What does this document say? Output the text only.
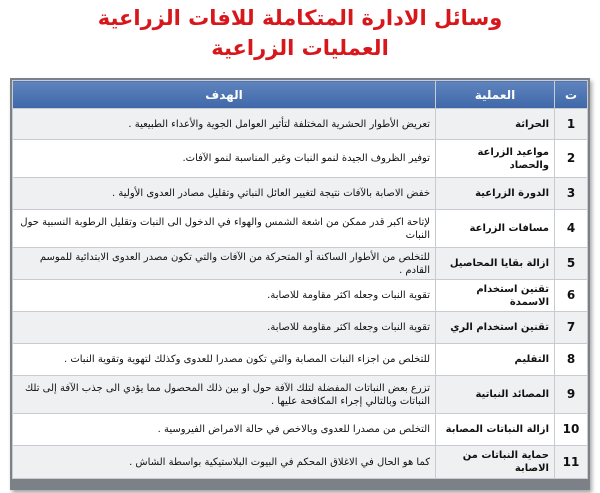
وسائل الادارة المتكاملة للافات الزراعية
العمليات الزراعية
ت	العملية	الهدف
1	الحراثة	تعريض الأطوار الحشرية المختلفة لتأثير العوامل الجوية والأعداء الطبيعية .
2	مواعيد الزراعة والحصاد	توفير الظروف الجيدة لنمو النبات وغير المناسبة لنمو الآفات.
3	الدورة الزراعية	خفض الاصابة بالآفات نتيجة لتغيير العائل النباتي وتقليل مصادر العدوى الأولية .
4	مسافات الزراعة	لإتاحة اكبر قدر ممكن من اشعة الشمس والهواء في الدخول الى النبات وتقليل الرطوبة النسبية حول النبات
5	ازالة بقايا المحاصيل	للتخلص من الأطوار الساكنة أو المتحركة من الآفات والتي تكون مصدر العدوى الابتدائية للموسم القادم .
6	تقنين استخدام الاسمدة	تقوية النبات وجعله اكثر مقاومة للاصابة.
7	تقنين استخدام الري	تقوية النبات وجعله اكثر مقاومة للاصابة.
8	التقليم	للتخلص من اجزاء النبات المصابة والتي تكون مصدرا للعدوى وكذلك لتهوية وتقوية النبات .
9	المصائد النباتية	تزرع بعض النباتات المفضلة لتلك الآفة حول او بين ذلك المحصول مما يؤدي الى جذب الآفة إلى تلك النباتات وبالتالي إجراء المكافحة عليها .
10	ازالة النباتات المصابة	التخلص من مصدرا للعدوى وبالاخص في حالة الامراض الفيروسية .
11	حماية النباتات من الاصابة	كما هو الحال في الاغلاق المحكم في البيوت البلاستيكية بواسطة الشاش .
